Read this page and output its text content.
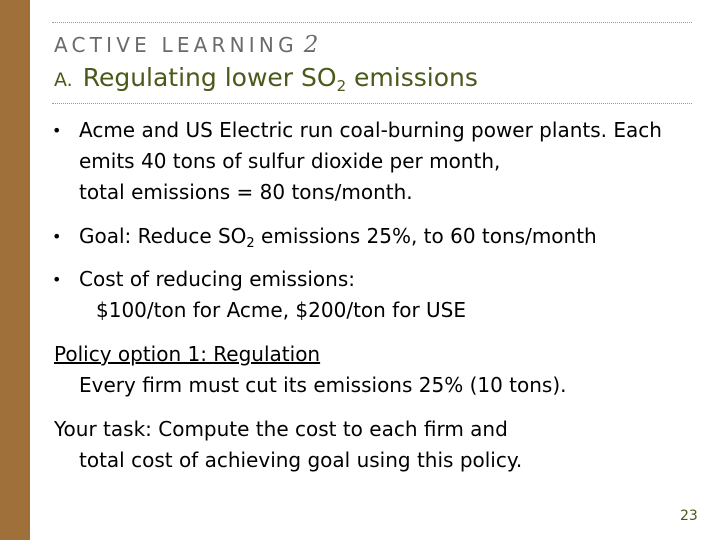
ACTIVE LEARNING 2
A. Regulating lower $SO_2$ emissions
• Acme and US Electric run coal-burning power plants. Each
emits 40 tons of sulfur dioxide per month,
total emissions = 80 tons/month.
• Goal: Reduce $SO_2$ emissions 25%, to 60 tons/month
• Cost of reducing emissions:
$100/ton for Acme, $200/ton for USE
Policy option 1: Regulation
Every firm must cut its emissions 25% (10 tons).
Your task: Compute the cost to each firm and
total cost of achieving goal using this policy.
23
